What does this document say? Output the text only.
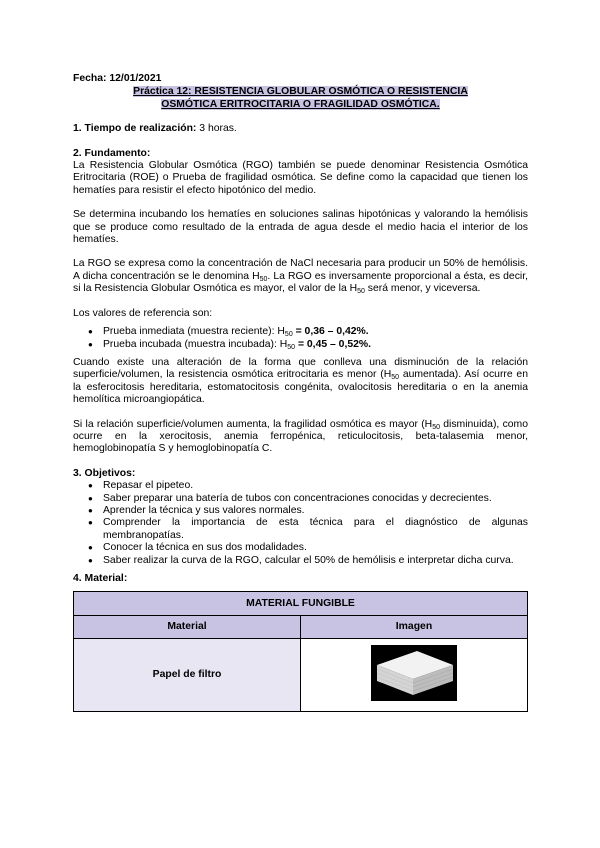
Fecha: 12/01/2021
Práctica 12: RESISTENCIA GLOBULAR OSMÓTICA O RESISTENCIA
OSMÓTICA ERITROCITARIA O FRAGILIDAD OSMÓTICA.

1. Tiempo de realización: 3 horas.

2. Fundamento:

La Resistencia Globular Osmótica (RGO) también se puede denominar Resistencia Osmótica Eritrocitaria (ROE) o Prueba de fragilidad osmótica. Se define como la capacidad que tienen los hematíes para resistir el efecto hipotónico del medio.

Se determina incubando los hematíes en soluciones salinas hipotónicas y valorando la hemólisis que se produce como resultado de la entrada de agua desde el medio hacia el interior de los hematíes.

La RGO se expresa como la concentración de NaCl necesaria para producir un 50% de hemólisis. A dicha concentración se le denomina $H_{50}$. La RGO es inversamente proporcional a ésta, es decir, si la Resistencia Globular Osmótica es mayor, el valor de la $H_{50}$ será menor, y viceversa.

Los valores de referencia son:

● Prueba inmediata (muestra reciente): $H_{50} = 0,36 - 0,42\%$.
● Prueba incubada (muestra incubada): $H_{50} = 0,45 - 0,52\%$.

Cuando existe una alteración de la forma que conlleva una disminución de la relación superficie/volumen, la resistencia osmótica eritrocitaria es menor ($H_{50}$ aumentada). Así ocurre en la esferocitosis hereditaria, estomatocitosis congénita, ovalocitosis hereditaria o en la anemia hemolítica microangiopática.

Si la relación superficie/volumen aumenta, la fragilidad osmótica es mayor ($H_{50}$ disminuida), como ocurre en la xerocitosis, anemia ferropénica, reticulocitosis, beta-talasemia menor, hemoglobinopatía S y hemoglobinopatía C.

3. Objetivos:
● Repasar el pipeteo.
● Saber preparar una batería de tubos con concentraciones conocidas y decrecientes.
● Aprender la técnica y sus valores normales.
● Comprender la importancia de esta técnica para el diagnóstico de algunas membranopatías.
● Conocer la técnica en sus dos modalidades.
● Saber realizar la curva de la RGO, calcular el 50% de hemólisis e interpretar dicha curva.
4. Material:
MATERIAL FUNGIBLE	
Material	Imagen
Papel de filtro	
